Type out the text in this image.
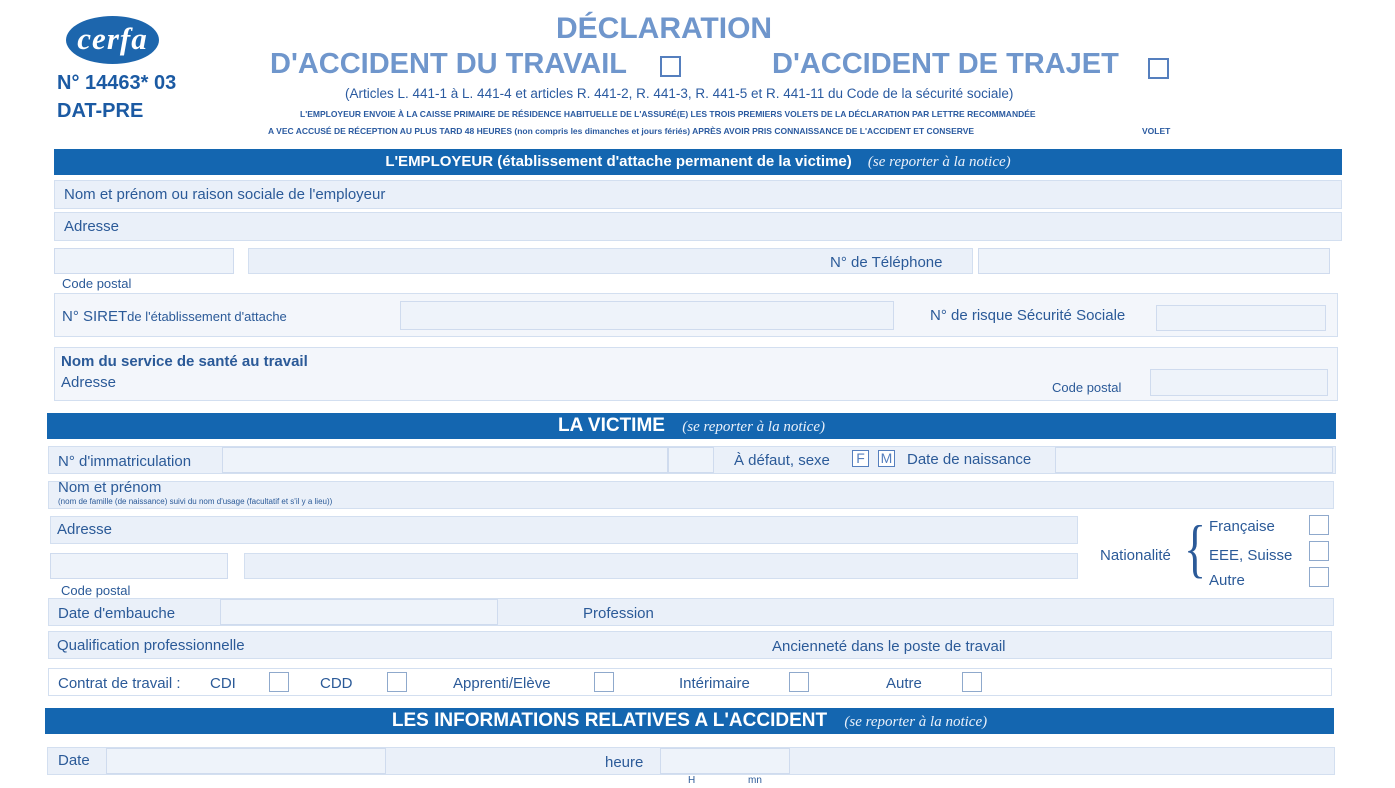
cerfa
N° 14463* 03
DAT-PRE
DÉCLARATION
D'ACCIDENT DU TRAVAIL	D'ACCIDENT DE TRAJET
(Articles L. 441-1 à L. 441-4 et articles R. 441-2, R. 441-3, R. 441-5 et R. 441-11 du Code de la sécurité sociale)
L'EMPLOYEUR ENVOIE À LA CAISSE PRIMAIRE DE RÉSIDENCE HABITUELLE DE L'ASSURÉ(E) LES TROIS PREMIERS VOLETS DE LA DÉCLARATION PAR LETTRE RECOMMANDÉE
A VEC ACCUSÉ DE RÉCEPTION AU PLUS TARD 48 HEURES (non compris les dimanches et jours fériés) APRÈS AVOIR PRIS CONNAISSANCE DE L'ACCIDENT ET CONSERVE	VOLET
L'EMPLOYEUR (établissement d'attache permanent de la victime) (se reporter à la notice)
Nom et prénom ou raison sociale de l'employeur
Adresse
Code postal
N° de Téléphone
N° SIRETde l'établissement d'attache	N° de risque Sécurité Sociale
Nom du service de santé au travail
Adresse	Code postal
LA VICTIME (se reporter à la notice)
N° d'immatriculation	À défaut, sexe	F	M Date de naissance
Nom et prénom
(nom de famille (de naissance) suivi du nom d'usage (facultatif et s'il y a lieu))
Adresse
Code postal
Nationalité { Française
EEE, Suisse
Autre
Date d'embauche	Profession
Qualification professionnelle	Ancienneté dans le poste de travail
Contrat de travail : CDI	CDD	Apprenti/Elève	Intérimaire	Autre
LES INFORMATIONS RELATIVES A L'ACCIDENT (se reporter à la notice)
Date	heure
H	mn
